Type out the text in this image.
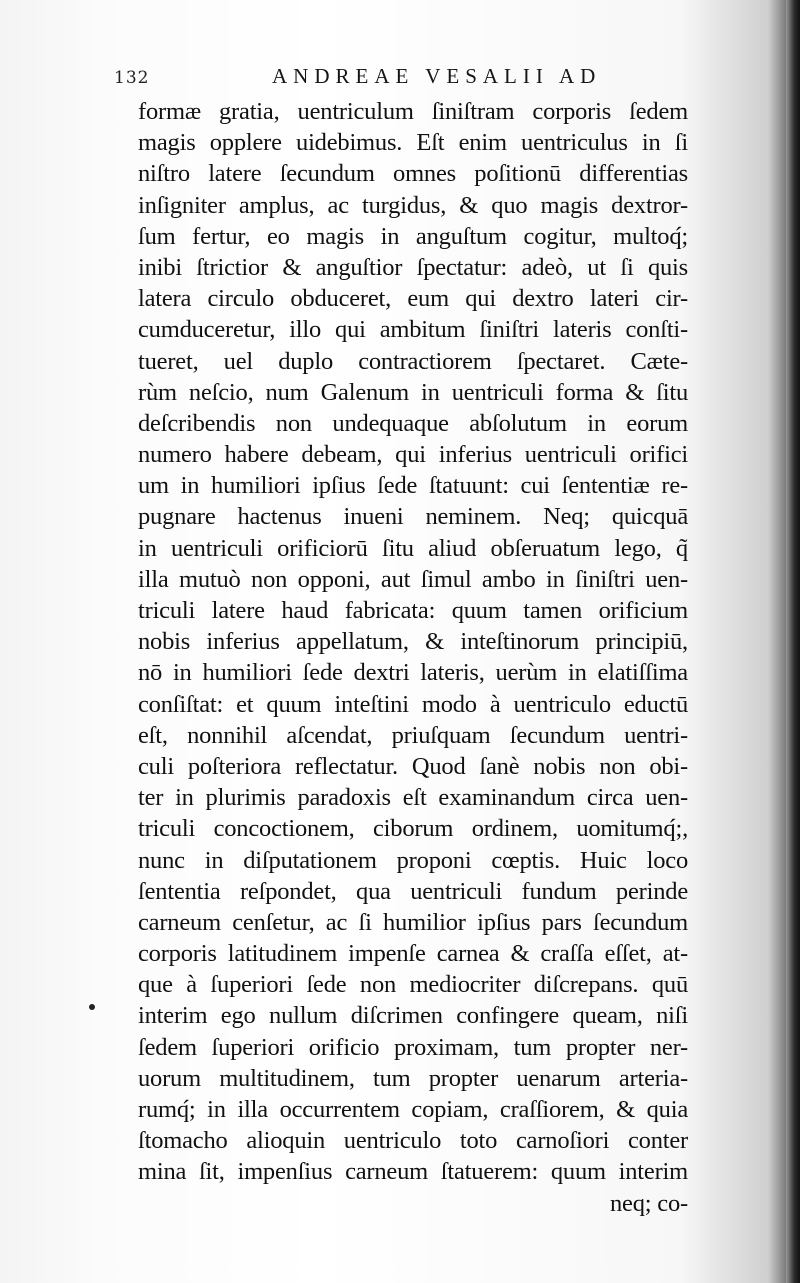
132	ANDREAE VESALII AD
formæ gratia, uentriculum ſiniſtram corporis ſedem
magis opplere uidebimus. Eſt enim uentriculus in ſi
niſtro latere ſecundum omnes poſitionū differentias
inſigniter amplus, ac turgidus, & quo magis dextror-
ſum fertur, eo magis in anguſtum cogitur, multoq́;
inibi ſtrictior & anguſtior ſpectatur: adeò, ut ſi quis
latera circulo obduceret, eum qui dextro lateri cir-
cumduceretur, illo qui ambitum ſiniſtri lateris conſti-
tueret, uel duplo contractiorem ſpectaret. Cæte-
rùm neſcio, num Galenum in uentriculi forma & ſitu
deſcribendis non undequaque abſolutum in eorum
numero habere debeam, qui inferius uentriculi orifici
um in humiliori ipſius ſede ſtatuunt: cui ſententiæ re-
pugnare hactenus inueni neminem. Neq; quicquā
in uentriculi orificiorū ſitu aliud obſeruatum lego, q̃
illa mutuò non opponi, aut ſimul ambo in ſiniſtri uen-
triculi latere haud fabricata: quum tamen orificium
nobis inferius appellatum, & inteſtinorum principiū,
nō in humiliori ſede dextri lateris, uerùm in elatiſſima
conſiſtat: et quum inteſtini modo à uentriculo eductū
eſt, nonnihil aſcendat, priuſquam ſecundum uentri-
culi poſteriora reflectatur. Quod ſanè nobis non obi-
ter in plurimis paradoxis eſt examinandum circa uen-
triculi concoctionem, ciborum ordinem, uomitumq́;,
nunc in diſputationem proponi cœptis. Huic loco
ſententia reſpondet, qua uentriculi fundum perinde
carneum cenſetur, ac ſi humilior ipſius pars ſecundum
corporis latitudinem impenſe carnea & craſſa eſſet, at-
que à ſuperiori ſede non mediocriter diſcrepans. quū
interim ego nullum diſcrimen confingere queam, niſi
ſedem ſuperiori orificio proximam, tum propter ner-
uorum multitudinem, tum propter uenarum arteria-
rumq́; in illa occurrentem copiam, craſſiorem, & quia
ſtomacho alioquin uentriculo toto carnoſiori conter
mina ſit, impenſius carneum ſtatuerem: quum interim
neq; co-
